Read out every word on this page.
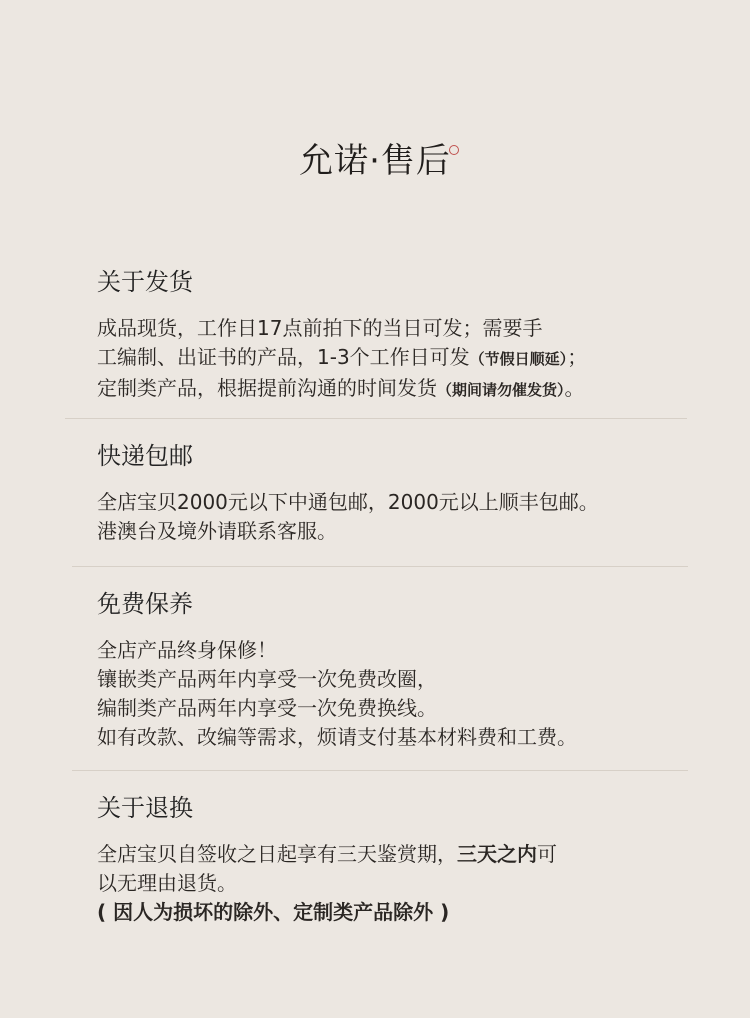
允诺·售后
关于发货
成品现货，工作日17点前拍下的当日可发；需要手
工编制、出证书的产品，1-3个工作日可发（节假日顺延）；
定制类产品，根据提前沟通的时间发货（期间请勿催发货）。
快递包邮
全店宝贝2000元以下中通包邮，2000元以上顺丰包邮。
港澳台及境外请联系客服。
免费保养
全店产品终身保修！
镶嵌类产品两年内享受一次免费改圈，
编制类产品两年内享受一次免费换线。
如有改款、改编等需求，烦请支付基本材料费和工费。
关于退换
全店宝贝自签收之日起享有三天鉴赏期，三天之内可
以无理由退货。
( 因人为损坏的除外、定制类产品除外 )
